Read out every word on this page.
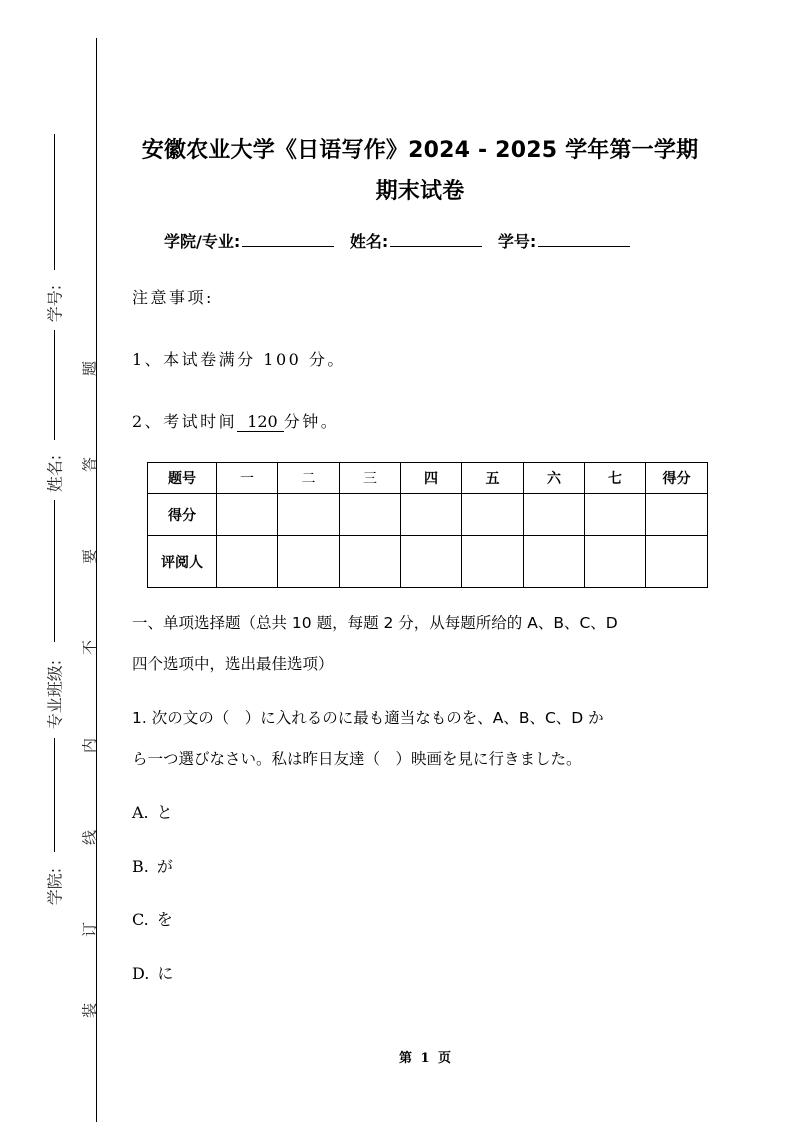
学号:
姓名:
专业班级:
学院:
题
答
要
不
内
线
订
装
安徽农业大学《日语写作》2024 - 2025 学年第一学期
期末试卷
学院/专业:	姓名:	学号:
注意事项:
1、本试卷满分 100 分。
2、考试时间 120 分钟。
题号	一	二	三	四	五	六	七	得分
得分								
评阅人								
一、单项选择题（总共 10 题，每题 2 分，从每题所给的 A、B、C、D
四个选项中，选出最佳选项）
1. 次の文の（　）に入れるのに最も適当なものを、A、B、C、D か
ら一つ選びなさい。私は昨日友達（　）映画を見に行きました。
A. と
B. が
C. を
D. に
第 1 页
